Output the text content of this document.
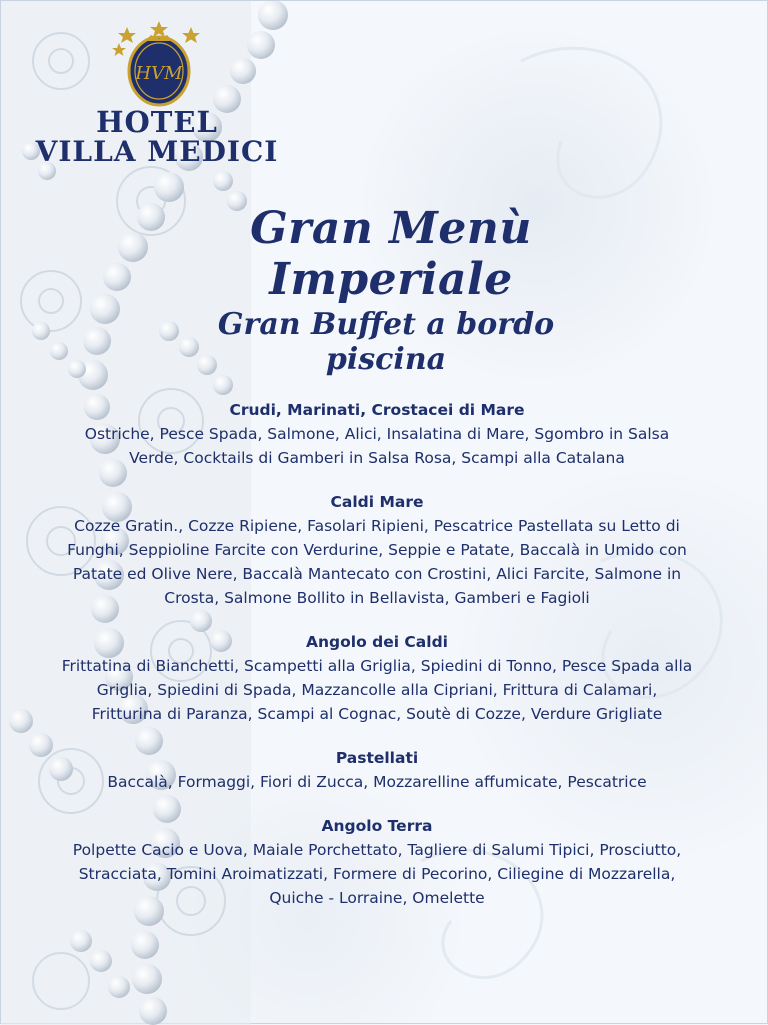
HVM
HOTEL
VILLA MEDICI
Gran Menù Imperiale
Gran Buffet a bordo piscina
Crudi, Marinati, Crostacei di Mare

Ostriche, Pesce Spada, Salmone, Alici, Insalatina di Mare, Sgombro in Salsa

Verde, Cocktails di Gamberi in Salsa Rosa, Scampi alla Catalana

Caldi Mare

Cozze Gratin., Cozze Ripiene, Fasolari Ripieni, Pescatrice Pastellata su Letto di

Funghi, Seppioline Farcite con Verdurine, Seppie e Patate, Baccalà in Umido con

Patate ed Olive Nere, Baccalà Mantecato con Crostini, Alici Farcite, Salmone in

Crosta, Salmone Bollito in Bellavista, Gamberi e Fagioli

Angolo dei Caldi

Frittatina di Bianchetti, Scampetti alla Griglia, Spiedini di Tonno, Pesce Spada alla

Griglia, Spiedini di Spada, Mazzancolle alla Cipriani, Frittura di Calamari,

Fritturina di Paranza, Scampi al Cognac, Soutè di Cozze, Verdure Grigliate

Pastellati

Baccalà, Formaggi, Fiori di Zucca, Mozzarelline affumicate, Pescatrice

Angolo Terra

Polpette Cacio e Uova, Maiale Porchettato, Tagliere di Salumi Tipici, Prosciutto,

Stracciata, Tomini Aroimatizzati, Formere di Pecorino, Ciliegine di Mozzarella,

Quiche - Lorraine, Omelette
